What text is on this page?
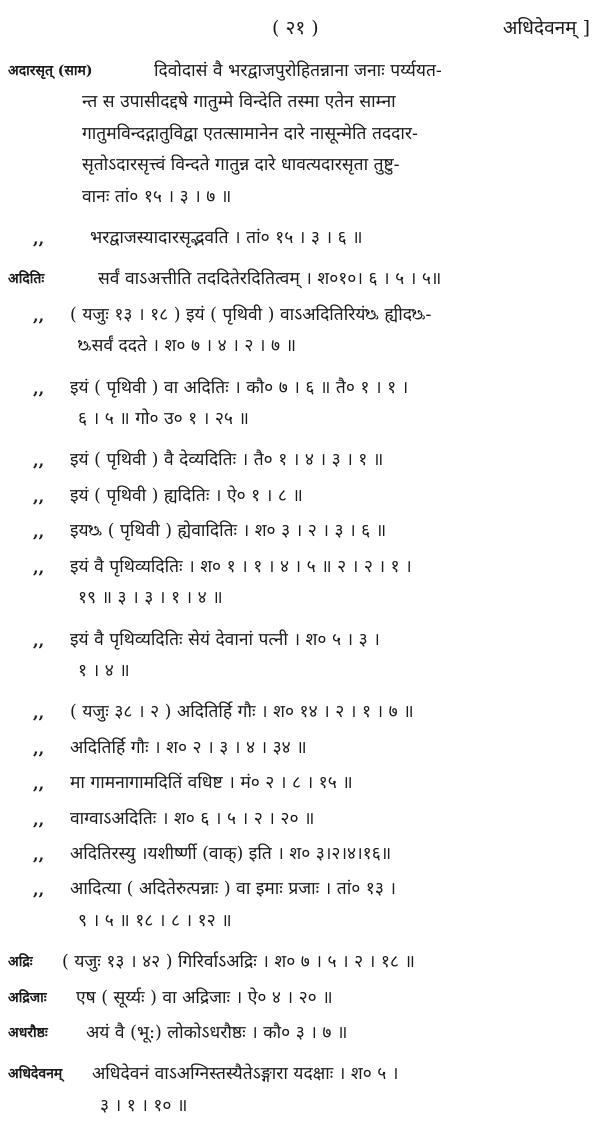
( २१ )	अधिदेवनम् ]
अदारसृत् (साम)	दिवोदासं वै भरद्वाजपुरोहितन्नाना जनाः पर्य्ययत-
न्त स उपासीदद्दषे गातुम्मे विन्देति तस्मा एतेन साम्ना
गातुमविन्दद्गातुविद्वा एतत्सामानेन दारे नासून्मेति तददार-
सृतोऽदारसृत्त्वं विन्दते गातुन्न दारे धावत्यदारसृता तुष्टु-
वानः तां० १५ । ३ । ७ ॥
,,	भरद्वाजस्यादारसृद्भवति । तां० १५ । ३ । ६ ॥
अदितिः	सर्वं वाऽअत्तीति तददितेरदितित्वम् । श०१०। ६ । ५ । ५॥
,,	( यजुः १३ । १८ ) इयं ( पृथिवी ) वाऽअदितिरियंᳬ ह्यीदᳬ-
ᳬसर्वं ददते । श० ७ । ४ । २ । ७ ॥
,,	इयं ( पृथिवी ) वा अदितिः । कौ० ७ । ६ ॥ तै० १ । १ ।
६ । ५ ॥ गो० उ० १ । २५ ॥
,,	इयं ( पृथिवी ) वै देव्यदितिः । तै० १ । ४ । ३ । १ ॥
,,	इयं ( पृथिवी ) ह्यदितिः । ऐ० १ । ८ ॥
,,	इयᳬ ( पृथिवी ) ह्येवादितिः । श० ३ । २ । ३ । ६ ॥
,,	इयं वै पृथिव्यदितिः । श० १ । १ । ४ । ५ ॥ २ । २ । १ ।
१९ ॥ ३ । ३ । १ । ४ ॥
,,	इयं वै पृथिव्यदितिः सेयं देवानां पत्नी । श० ५ । ३ ।
१ । ४ ॥
,,	( यजुः ३८ । २ ) अदितिर्हि गौः । श० १४ । २ । १ । ७ ॥
,,	अदितिर्हि गौः । श० २ । ३ । ४ । ३४ ॥
,,	मा गामनागामदितिं वधिष्ट । मं० २ । ८ । १५ ॥
,,	वाग्वाऽअदितिः । श० ६ । ५ । २ । २० ॥
,,	अदितिरस्यु ।यशीर्ष्णी (वाक्) इति । श० ३।२।४।१६॥
,,	आदित्या ( अदितेरुत्पन्नाः ) वा इमाः प्रजाः । तां० १३ ।
९ । ५ ॥ १८ । ८ । १२ ॥
अद्रिः	( यजुः १३ । ४२ ) गिरिर्वाऽअद्रिः । श० ७ । ५ । २ । १८ ॥
अद्रिजाः	एष ( सूर्य्यः ) वा अद्रिजाः । ऐ० ४ । २० ॥
अधरौष्ठः	अयं वै (भू:) लोकोऽधरौष्ठः । कौ० ३ । ७ ॥
अधिदेवनम्	अधिदेवनं वाऽअग्निस्तस्यैतेऽङ्गारा यदक्षाः । श० ५ ।
३ । १ । १० ॥
